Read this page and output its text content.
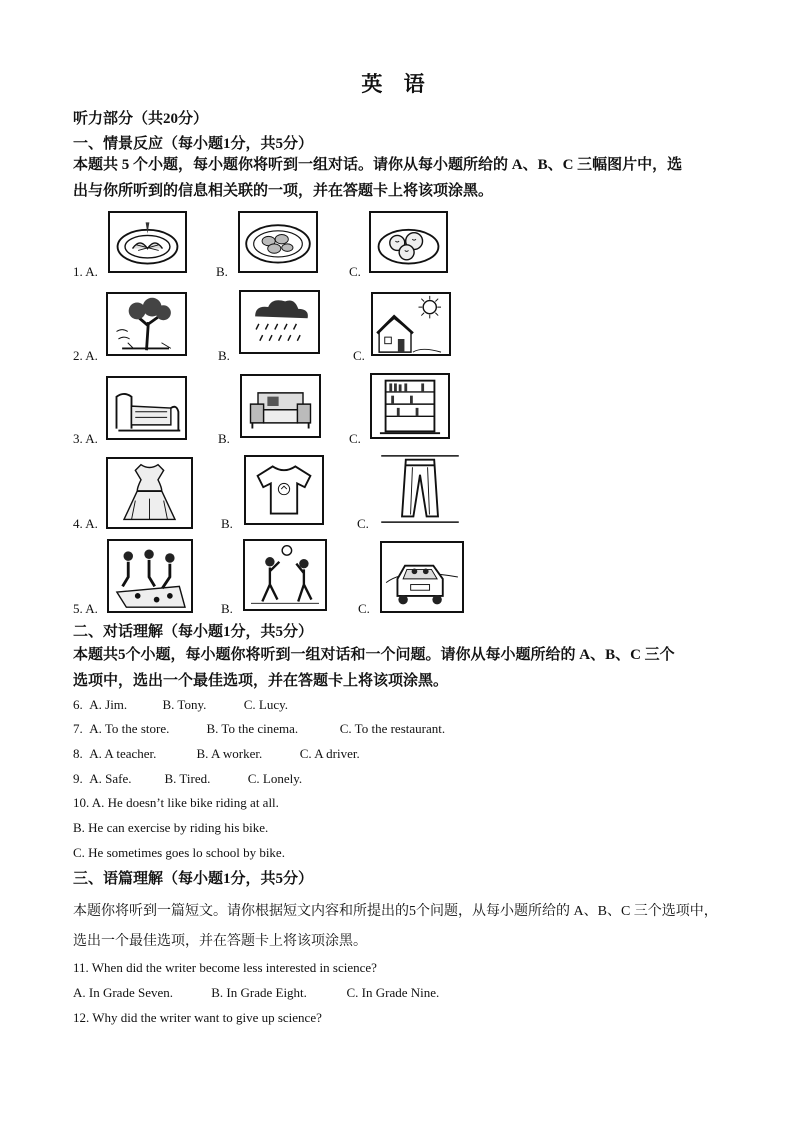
英 语
听力部分（共20分）
一、情景反应（每小题1分，共5分）
本题共 5 个小题，每小题你将听到一组对话。请你从每小题所给的 A、B、C 三幅图片中，选
出与你所听到的信息相关联的一项，并在答题卡上将该项涂黑。
1. A.	B.	C.
2. A.	B.	C.
3. A.	B.	C.
4. A.	B.	C.
5. A.	B.	C.
二、对话理解（每小题1分，共5分）
本题共5个小题，每小题你将听到一组对话和一个问题。请你从每小题所给的 A、B、C 三个
选项中，选出一个最佳选项，并在答题卡上将该项涂黑。
6. A. Jim.	B. Tony.	C. Lucy.
7. A. To the store.	B. To the cinema.	C. To the restaurant.
8. A. A teacher.	B. A worker.	C. A driver.
9. A. Safe.	B. Tired.	C. Lonely.
10. A. He doesn’t like bike riding at all.
B. He can exercise by riding his bike.
C. He sometimes goes lo school by bike.
三、语篇理解（每小题1分，共5分）
本题你将听到一篇短文。请你根据短文内容和所提出的5个问题，从每小题所给的 A、B、C 三个选项中，
选出一个最佳选项，并在答题卡上将该项涂黑。
11. When did the writer become less interested in science?
A. In Grade Seven.	B. In Grade Eight.	C. In Grade Nine.
12. Why did the writer want to give up science?
